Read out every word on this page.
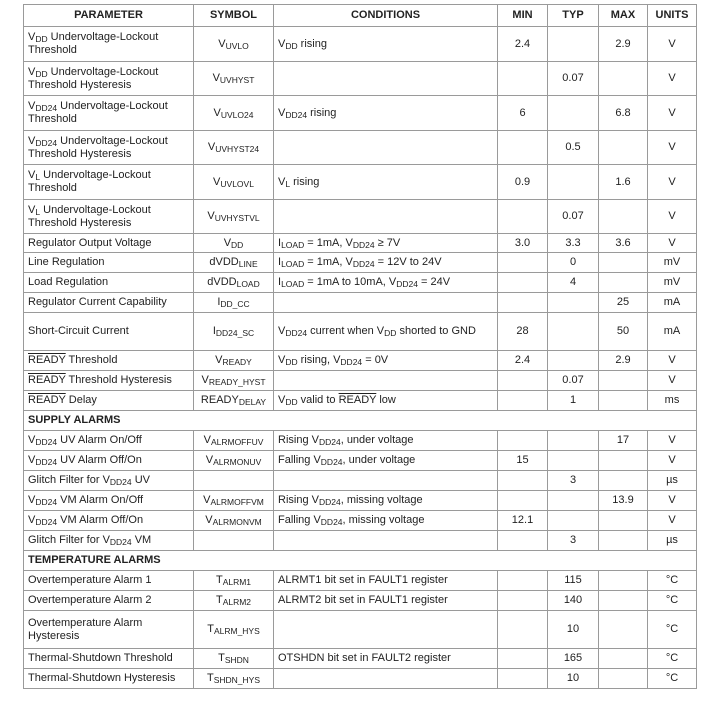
PARAMETER	SYMBOL	CONDITIONS	MIN	TYP	MAX	UNITS
$V_{DD}$ Undervoltage-Lockout
Threshold	$V_{UVLO}$	$V_{DD}$ rising	2.4		2.9	V
$V_{DD}$ Undervoltage-Lockout
Threshold Hysteresis	$V_{UVHYST}$			0.07		V
$V_{DD24}$ Undervoltage-Lockout
Threshold	$V_{UVLO24}$	$V_{DD24}$ rising	6		6.8	V
$V_{DD24}$ Undervoltage-Lockout
Threshold Hysteresis	$V_{UVHYST24}$			0.5		V
$V_L$ Undervoltage-Lockout
Threshold	$V_{UVLOVL}$	$V_L$ rising	0.9		1.6	V
$V_L$ Undervoltage-Lockout
Threshold Hysteresis	$V_{UVHYSTVL}$			0.07		V
Regulator Output Voltage	$V_{DD}$	$I_{LOAD} = 1mA$, $V_{DD24} \ge 7V$	3.0	3.3	3.6	V
Line Regulation	dVDD$_{LINE}$	$I_{LOAD} = 1mA$, $V_{DD24} = 12V$ to 24V		0		mV
Load Regulation	dVDD$_{LOAD}$	$I_{LOAD} = 1mA$ to 10mA, $V_{DD24} = 24V$		4		mV
Regulator Current Capability	$I_{DD\_CC}$				25	mA
Short-Circuit Current	$I_{DD24\_SC}$	$V_{DD24}$ current when $V_{DD}$ shorted to GND	28		50	mA
READY Threshold	$V_{READY}$	$V_{DD}$ rising, $V_{DD24} = 0V$	2.4		2.9	V
READY Threshold Hysteresis	$V_{READY\_HYST}$			0.07		V
READY Delay	$READY_{DELAY}$	$V_{DD}$ valid to READY low		1		ms
SUPPLY ALARMS						
$V_{DD24}$ UV Alarm On/Off	$V_{ALRMOFFUV}$	Rising $V_{DD24}$, under voltage			17	V
$V_{DD24}$ UV Alarm Off/On	$V_{ALRMONUV}$	Falling $V_{DD24}$, under voltage	15			V
Glitch Filter for $V_{DD24}$ UV				3		µs
$V_{DD24}$ VM Alarm On/Off	$V_{ALRMOFFVM}$	Rising $V_{DD24}$, missing voltage			13.9	V
$V_{DD24}$ VM Alarm Off/On	$V_{ALRMONVM}$	Falling $V_{DD24}$, missing voltage	12.1			V
Glitch Filter for $V_{DD24}$ VM				3		µs
TEMPERATURE ALARMS						
Overtemperature Alarm 1	$T_{ALRM1}$	ALRMT1 bit set in FAULT1 register		115		°C
Overtemperature Alarm 2	$T_{ALRM2}$	ALRMT2 bit set in FAULT1 register		140		°C
Overtemperature Alarm
Hysteresis	$T_{ALRM\_HYS}$			10		°C
Thermal-Shutdown Threshold	$T_{SHDN}$	OTSHDN bit set in FAULT2 register		165		°C
Thermal-Shutdown Hysteresis	$T_{SHDN\_HYS}$			10		°C
